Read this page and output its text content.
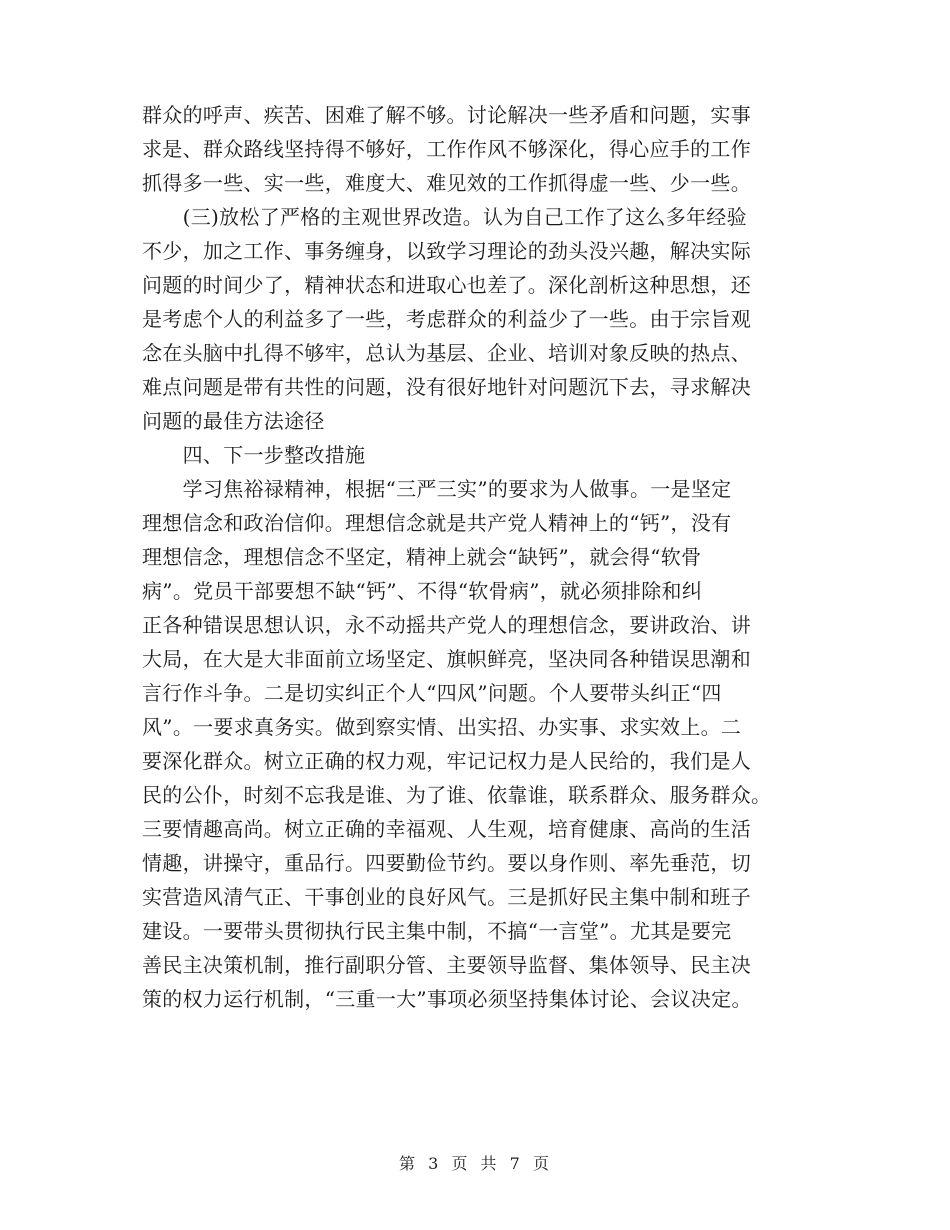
群众的呼声、疾苦、困难了解不够。讨论解决一些矛盾和问题，实事
求是、群众路线坚持得不够好，工作作风不够深化，得心应手的工作
抓得多一些、实一些，难度大、难见效的工作抓得虚一些、少一些。
　　(三)放松了严格的主观世界改造。认为自己工作了这么多年经验
不少，加之工作、事务缠身，以致学习理论的劲头没兴趣，解决实际
问题的时间少了，精神状态和进取心也差了。深化剖析这种思想，还
是考虑个人的利益多了一些，考虑群众的利益少了一些。由于宗旨观
念在头脑中扎得不够牢，总认为基层、企业、培训对象反映的热点、
难点问题是带有共性的问题，没有很好地针对问题沉下去，寻求解决
问题的最佳方法途径
　　四、下一步整改措施
　　学习焦裕禄精神，根据“三严三实”的要求为人做事。一是坚定
理想信念和政治信仰。理想信念就是共产党人精神上的“钙”，没有
理想信念，理想信念不坚定，精神上就会“缺钙”，就会得“软骨
病”。党员干部要想不缺“钙”、不得“软骨病”，就必须排除和纠
正各种错误思想认识，永不动摇共产党人的理想信念，要讲政治、讲
大局，在大是大非面前立场坚定、旗帜鲜亮，坚决同各种错误思潮和
言行作斗争。二是切实纠正个人“四风”问题。个人要带头纠正“四
风”。一要求真务实。做到察实情、出实招、办实事、求实效上。二
要深化群众。树立正确的权力观，牢记记权力是人民给的，我们是人
民的公仆，时刻不忘我是谁、为了谁、依靠谁，联系群众、服务群众。
三要情趣高尚。树立正确的幸福观、人生观，培育健康、高尚的生活
情趣，讲操守，重品行。四要勤俭节约。要以身作则、率先垂范，切
实营造风清气正、干事创业的良好风气。三是抓好民主集中制和班子
建设。一要带头贯彻执行民主集中制，不搞“一言堂”。尤其是要完
善民主决策机制，推行副职分管、主要领导监督、集体领导、民主决
策的权力运行机制，“三重一大”事项必须坚持集体讨论、会议决定。
第 3 页 共 7 页
